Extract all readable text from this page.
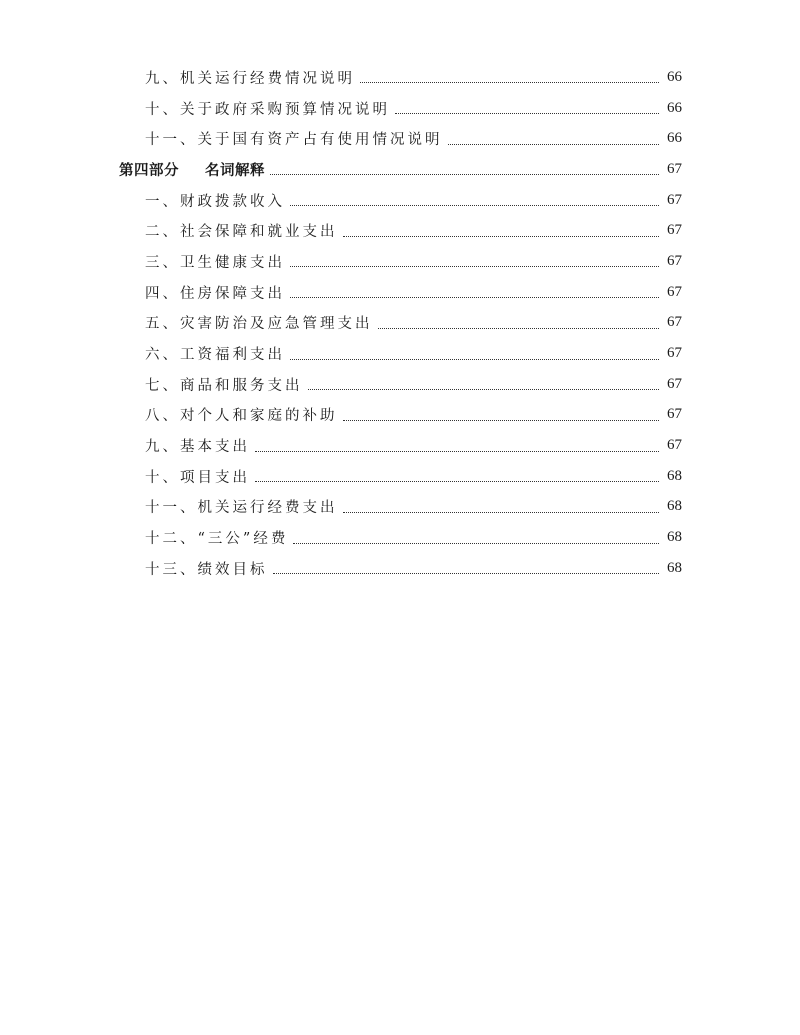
九、机关运行经费情况说明	66
十、关于政府采购预算情况说明	66
十一、关于国有资产占有使用情况说明	66
第四部分 名词解释	67
一、财政拨款收入	67
二、社会保障和就业支出	67
三、卫生健康支出	67
四、住房保障支出	67
五、灾害防治及应急管理支出	67
六、工资福利支出	67
七、商品和服务支出	67
八、对个人和家庭的补助	67
九、基本支出	67
十、项目支出	68
十一、机关运行经费支出	68
十二、“三公”经费	68
十三、绩效目标	68
